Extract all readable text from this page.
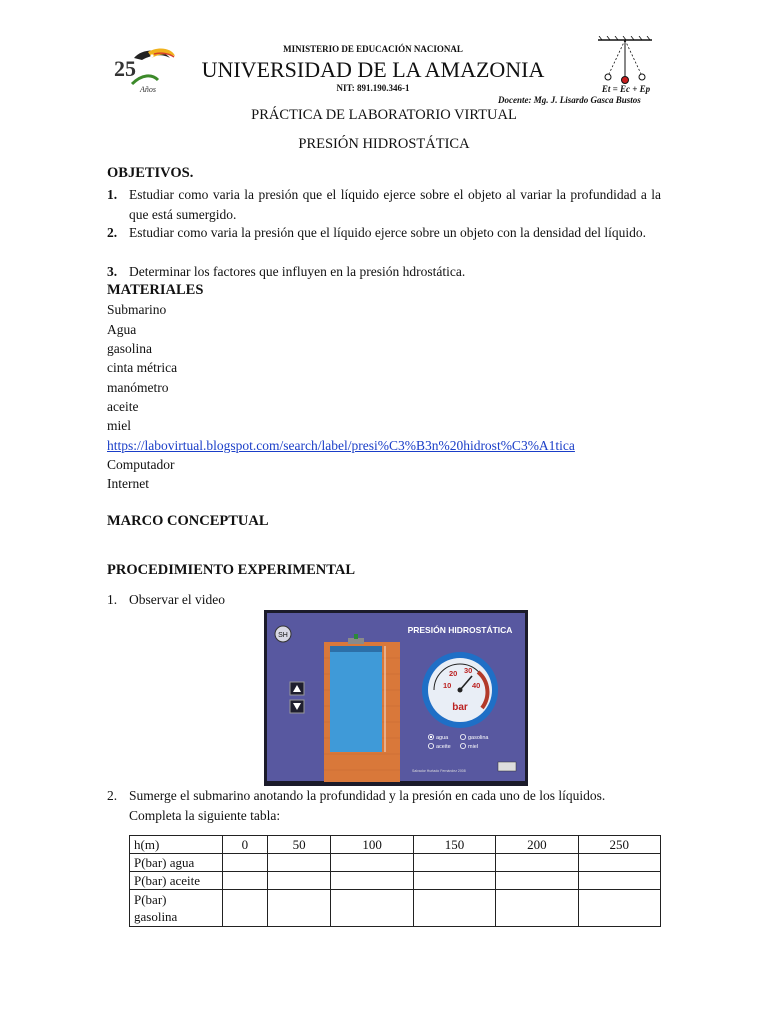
25
Años
MINISTERIO DE EDUCACIÓN NACIONAL
UNIVERSIDAD DE LA AMAZONIA
NIT: 891.190.346-1
Docente: Mg. J. Lisardo Gasca Bustos
Et = Ec + Ep
PRÁCTICA DE LABORATORIO VIRTUAL
PRESIÓN HIDROSTÁTICA
OBJETIVOS.
1. Estudiar como varia la presión que el líquido ejerce sobre el objeto al variar la profundidad a la que está sumergido.
2. Estudiar como varia la presión que el líquido ejerce sobre un objeto con la densidad del líquido.
3. Determinar los factores que influyen en la presión hdrostática.
MATERIALES
Submarino
Agua
gasolina
cinta métrica
manómetro
aceite
miel
https://labovirtual.blogspot.com/search/label/presi%C3%B3n%20hidrost%C3%A1tica
Computador
Internet
MARCO CONCEPTUAL
PROCEDIMIENTO EXPERIMENTAL
1. Observar el video
PRESIÓN HIDROSTÁTICA
SH
10
20 30
40
bar
agua	gasolina
aceite	miel
Salvador Hurtado Fernández 2008
2. Sumerge el submarino anotando la profundidad y la presión en cada uno de los líquidos. Completa la siguiente tabla:
h(m)	0	50	100	150	200	250
P(bar) agua						
P(bar) aceite						
P(bar)
gasolina						
